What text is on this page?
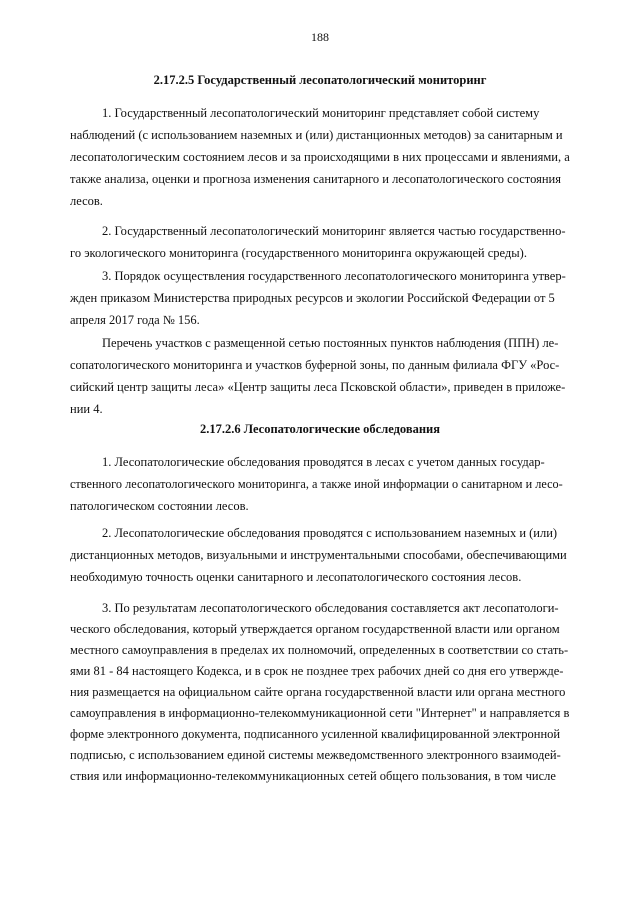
188
2.17.2.5 Государственный лесопатологический мониторинг
1. Государственный лесопатологический мониторинг представляет собой систему
наблюдений (с использованием наземных и (или) дистанционных методов) за санитарным и
лесопатологическим состоянием лесов и за происходящими в них процессами и явлениями, а
также анализа, оценки и прогноза изменения санитарного и лесопатологического состояния
лесов.
2. Государственный лесопатологический мониторинг является частью государственно-
го экологического мониторинга (государственного мониторинга окружающей среды).
3. Порядок осуществления государственного лесопатологического мониторинга утвер-
жден приказом Министерства природных ресурсов и экологии Российской Федерации от 5
апреля 2017 года № 156.
Перечень участков с размещенной сетью постоянных пунктов наблюдения (ППН) ле-
сопатологического мониторинга и участков буферной зоны, по данным филиала ФГУ «Рос-
сийский центр защиты леса» «Центр защиты леса Псковской области», приведен в приложе-
нии 4.
2.17.2.6 Лесопатологические обследования
1. Лесопатологические обследования проводятся в лесах с учетом данных государ-
ственного лесопатологического мониторинга, а также иной информации о санитарном и лесо-
патологическом состоянии лесов.
2. Лесопатологические обследования проводятся с использованием наземных и (или)
дистанционных методов, визуальными и инструментальными способами, обеспечивающими
необходимую точность оценки санитарного и лесопатологического состояния лесов.
3. По результатам лесопатологического обследования составляется акт лесопатологи-
ческого обследования, который утверждается органом государственной власти или органом
местного самоуправления в пределах их полномочий, определенных в соответствии со стать-
ями 81 - 84 настоящего Кодекса, и в срок не позднее трех рабочих дней со дня его утвержде-
ния размещается на официальном сайте органа государственной власти или органа местного
самоуправления в информационно-телекоммуникационной сети "Интернет" и направляется в
форме электронного документа, подписанного усиленной квалифицированной электронной
подписью, с использованием единой системы межведомственного электронного взаимодей-
ствия или информационно-телекоммуникационных сетей общего пользования, в том числе
